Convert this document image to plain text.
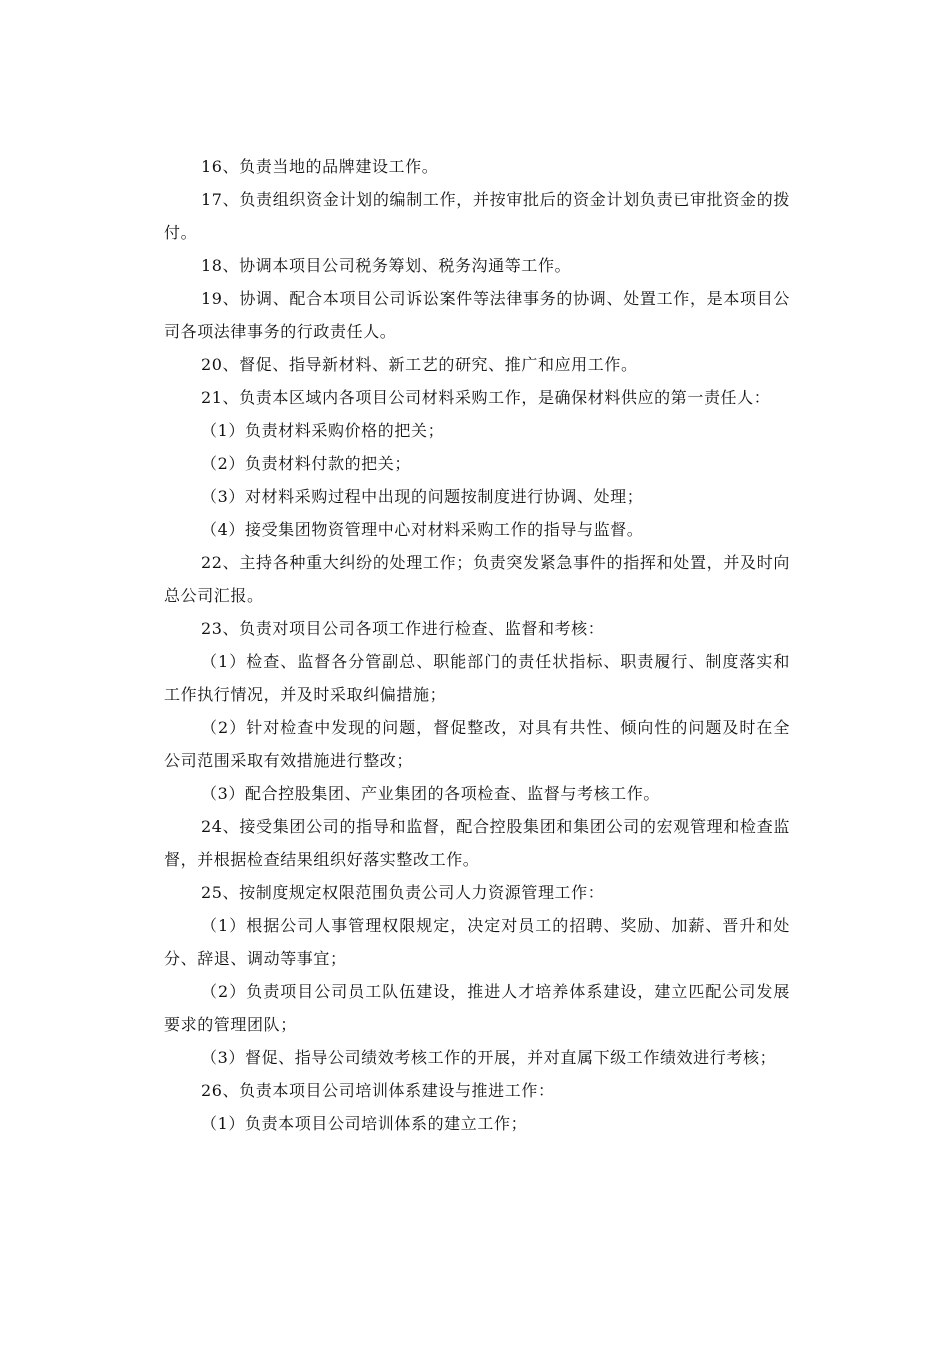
16、负责当地的品牌建设工作。

17、负责组织资金计划的编制工作，并按审批后的资金计划负责已审批资金的拨付。

18、协调本项目公司税务筹划、税务沟通等工作。

19、协调、配合本项目公司诉讼案件等法律事务的协调、处置工作，是本项目公司各项法律事务的行政责任人。

20、督促、指导新材料、新工艺的研究、推广和应用工作。

21、负责本区域内各项目公司材料采购工作，是确保材料供应的第一责任人：

（1）负责材料采购价格的把关；

（2）负责材料付款的把关；

（3）对材料采购过程中出现的问题按制度进行协调、处理；

（4）接受集团物资管理中心对材料采购工作的指导与监督。

22、主持各种重大纠纷的处理工作；负责突发紧急事件的指挥和处置，并及时向总公司汇报。

23、负责对项目公司各项工作进行检查、监督和考核：

（1）检查、监督各分管副总、职能部门的责任状指标、职责履行、制度落实和工作执行情况，并及时采取纠偏措施；

（2）针对检查中发现的问题，督促整改，对具有共性、倾向性的问题及时在全公司范围采取有效措施进行整改；

（3）配合控股集团、产业集团的各项检查、监督与考核工作。

24、接受集团公司的指导和监督，配合控股集团和集团公司的宏观管理和检查监督，并根据检查结果组织好落实整改工作。

25、按制度规定权限范围负责公司人力资源管理工作：

（1）根据公司人事管理权限规定，决定对员工的招聘、奖励、加薪、晋升和处分、辞退、调动等事宜；

（2）负责项目公司员工队伍建设，推进人才培养体系建设，建立匹配公司发展要求的管理团队；

（3）督促、指导公司绩效考核工作的开展，并对直属下级工作绩效进行考核；

26、负责本项目公司培训体系建设与推进工作：

（1）负责本项目公司培训体系的建立工作；
